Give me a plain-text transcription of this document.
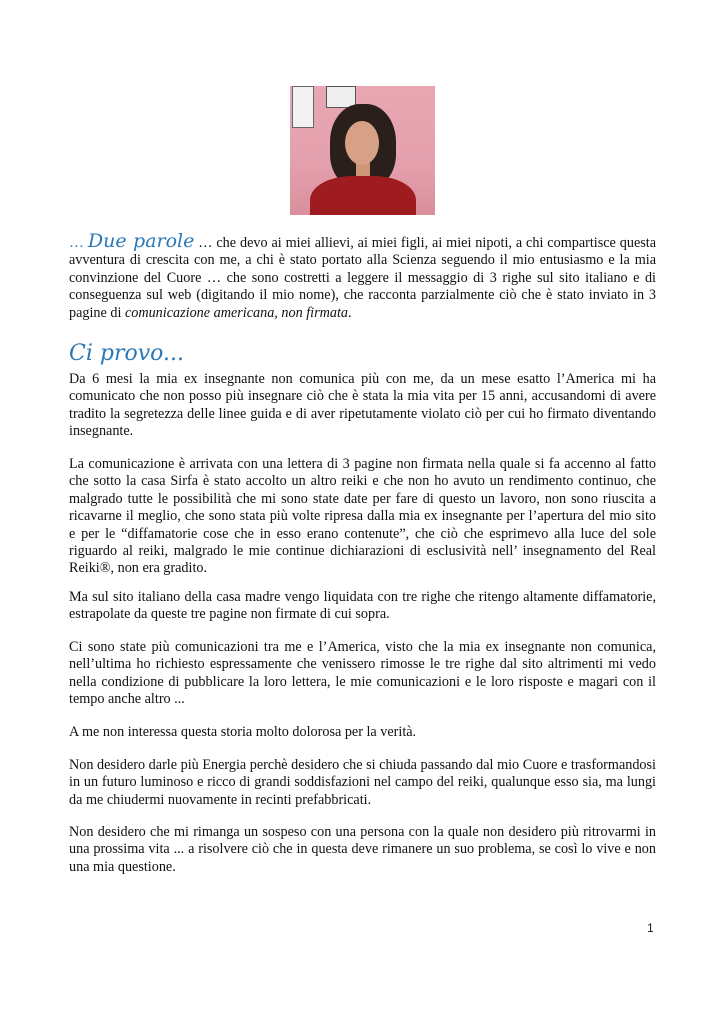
… Due parole … che devo ai miei allievi, ai miei figli, ai miei nipoti, a chi compartisce questa avventura di crescita con me, a chi è stato portato alla Scienza seguendo il mio entusiasmo e la mia convinzione del Cuore … che sono costretti a leggere il messaggio di 3 righe sul sito italiano e di conseguenza sul web (digitando il mio nome), che racconta parzialmente ciò che è stato inviato in 3 pagine di comunicazione americana, non firmata.
Ci provo...
Da 6 mesi la mia ex insegnante non comunica più con me, da un mese esatto l’America mi ha comunicato che non posso più insegnare ciò che è stata la mia vita per 15 anni, accusandomi di avere tradito la segretezza delle linee guida e di aver ripetutamente violato ciò per cui ho firmato diventando insegnante.
La comunicazione è arrivata con una lettera di 3 pagine non firmata nella quale si fa accenno al fatto che sotto la casa Sirfa è stato accolto un altro reiki e che non ho avuto un rendimento continuo, che malgrado tutte le possibilità che mi sono state date per fare di questo un lavoro, non sono riuscita a ricavarne il meglio, che sono stata più volte ripresa dalla mia ex insegnante per l’apertura del mio sito e per le “diffamatorie cose che in esso erano contenute”, che ciò che esprimevo alla luce del sole riguardo al reiki, malgrado le mie continue dichiarazioni di esclusività nell’ insegnamento del Real Reiki®, non era gradito.
Ma sul sito italiano della casa madre vengo liquidata con tre righe che ritengo altamente diffamatorie, estrapolate da queste tre pagine non firmate di cui sopra.
Ci sono state più comunicazioni tra me e l’America, visto che la mia ex insegnante non comunica, nell’ultima ho richiesto espressamente che venissero rimosse le tre righe dal sito altrimenti mi vedo nella condizione di pubblicare la loro lettera, le mie comunicazioni e le loro risposte e magari con il tempo anche altro ...
A me non interessa questa storia molto dolorosa per la verità.
Non desidero darle più Energia perchè desidero che si chiuda passando dal mio Cuore e trasformandosi in un futuro luminoso e ricco di grandi soddisfazioni nel campo del reiki, qualunque esso sia, ma lungi da me chiudermi nuovamente in recinti prefabbricati.
Non desidero che mi rimanga un sospeso con una persona con la quale non desidero più ritrovarmi in una prossima vita ... a risolvere ciò che in questa deve rimanere un suo problema, se così lo vive e non una mia questione.
1
